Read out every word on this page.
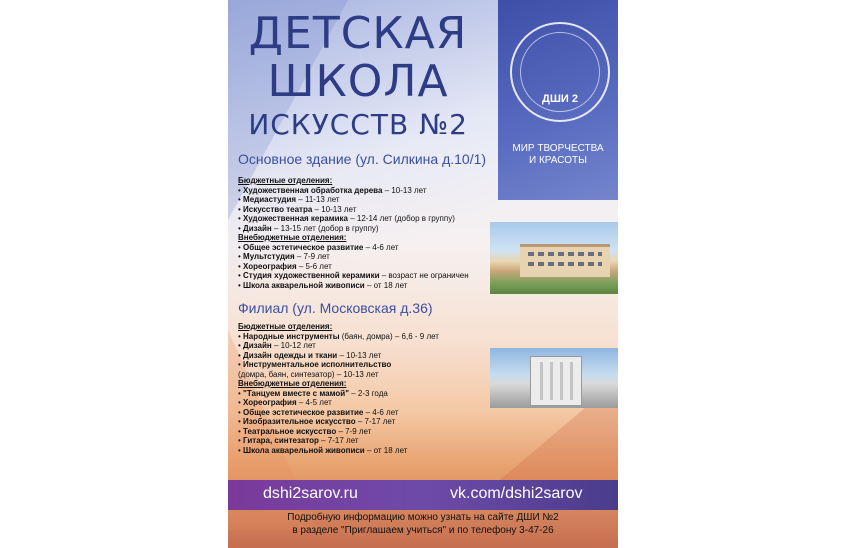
ДЕТСКАЯ
ШКОЛА
ИСКУССТВ №2
ДШИ 2
МИР ТВОРЧЕСТВА
И КРАСОТЫ
Основное здание (ул. Силкина д.10/1)
Бюджетные отделения:
• Художественная обработка дерева – 10-13 лет
• Медиастудия – 11-13 лет
• Искусство театра – 10-13 лет
• Художественная керамика – 12-14 лет (добор в группу)
• Дизайн – 13-15 лет (добор в группу)
Внебюджетные отделения:
• Общее эстетическое развитие – 4-6 лет
• Мультстудия – 7-9 лет
• Хореография – 5-6 лет
• Студия художественной керамики – возраст не ограничен
• Школа акварельной живописи – от 18 лет
Филиал (ул. Московская д.36)
Бюджетные отделения:
• Народные инструменты (баян, домра) – 6,6 - 9 лет
• Дизайн – 10-12 лет
• Дизайн одежды и ткани – 10-13 лет
• Инструментальное исполнительство
(домра, баян, синтезатор) – 10-13 лет
Внебюджетные отделения:
• "Танцуем вместе с мамой" – 2-3 года
• Хореография – 4-5 лет
• Общее эстетическое развитие – 4-6 лет
• Изобразительное искусство – 7-17 лет
• Театральное искусство – 7-9 лет
• Гитара, синтезатор – 7-17 лет
• Школа акварельной живописи – от 18 лет
dshi2sarov.ru	vk.com/dshi2sarov
Подробную информацию можно узнать на сайте ДШИ №2
в разделе "Приглашаем учиться" и по телефону 3-47-26
